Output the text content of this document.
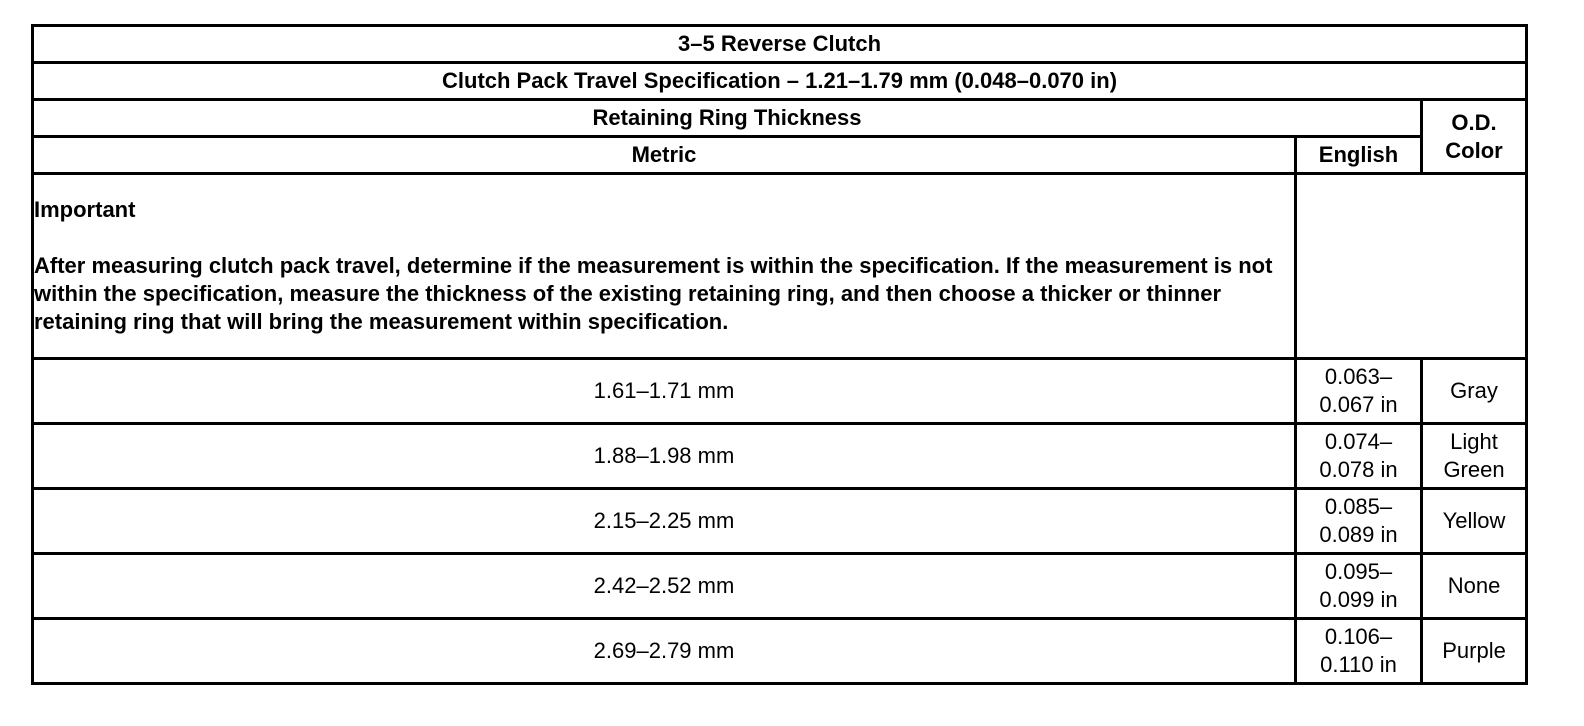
3–5 Reverse Clutch		
Clutch Pack Travel Specification – 1.21–1.79 mm (0.048–0.070 in)		
Retaining Ring Thickness		O.D.
Color

Metric	English	

Important
After measuring clutch pack travel, determine if the measurement is within the specification. If the measurement is not within the specification, measure the thickness of the existing retaining ring, and then choose a thicker or thinner retaining ring that will bring the measurement within specification.		

1.61–1.71 mm	0.063–
0.067 in	Gray

1.88–1.98 mm	0.074–
0.078 in	Light
Green

2.15–2.25 mm	0.085–
0.089 in	Yellow

2.42–2.52 mm	0.095–
0.099 in	None

2.69–2.79 mm	0.106–
0.110 in	Purple
